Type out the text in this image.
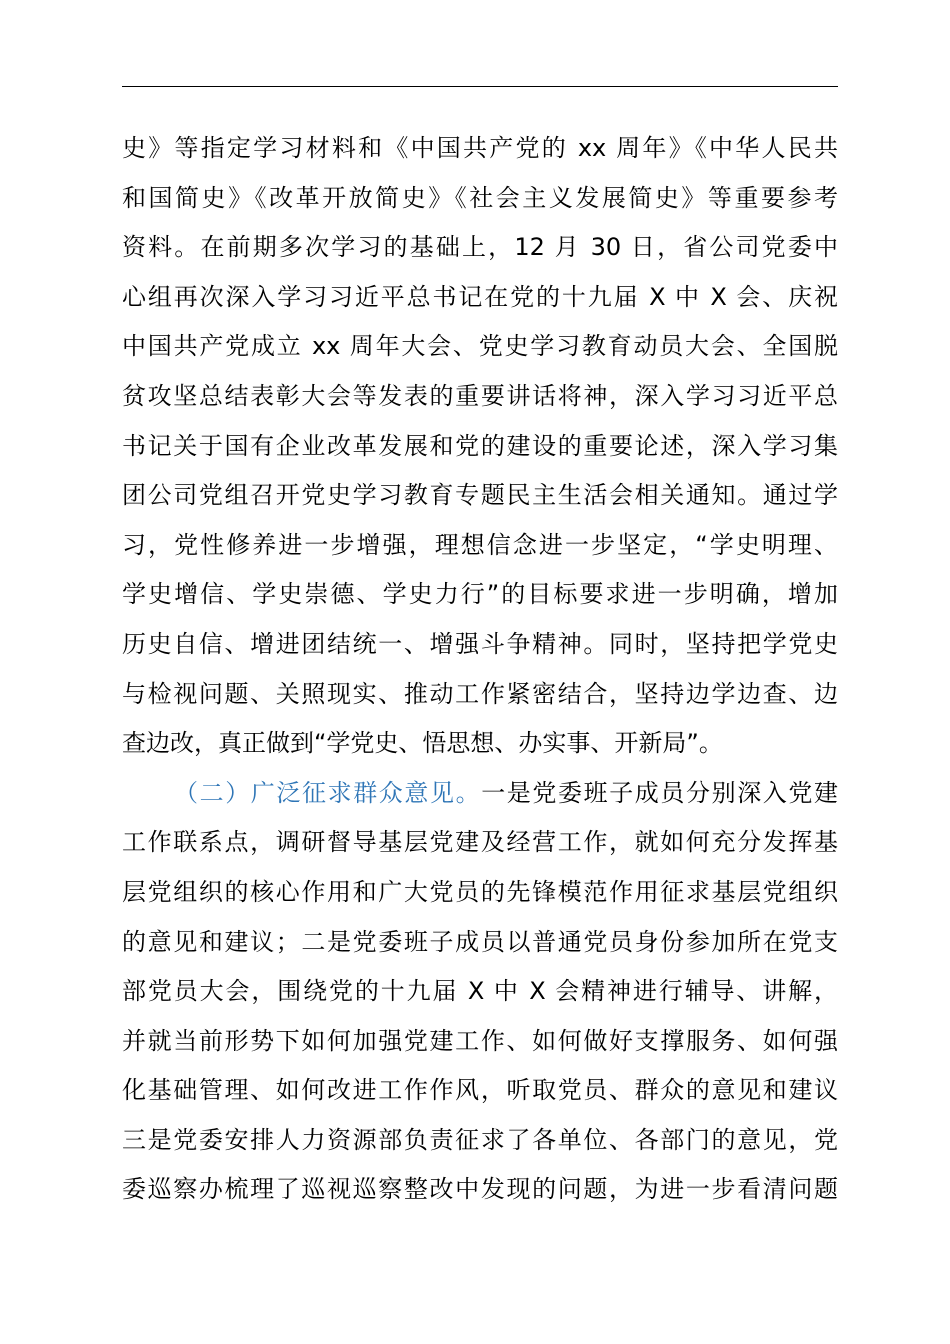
史》等指定学习材料和《中国共产党的 xx 周年》《中华人民共
和国简史》《改革开放简史》《社会主义发展简史》等重要参考
资料。在前期多次学习的基础上，12 月 30 日，省公司党委中
心组再次深入学习习近平总书记在党的十九届 X 中 X 会、庆祝
中国共产党成立 xx 周年大会、党史学习教育动员大会、全国脱
贫攻坚总结表彰大会等发表的重要讲话将神，深入学习习近平总
书记关于国有企业改革发展和党的建设的重要论述，深入学习集
团公司党组召开党史学习教育专题民主生活会相关通知。通过学
习，党性修养进一步增强，理想信念进一步坚定，“学史明理、
学史增信、学史崇德、学史力行”的目标要求进一步明确，增加
历史自信、增进团结统一、增强斗争精神。同时，坚持把学党史
与检视问题、关照现实、推动工作紧密结合，坚持边学边查、边
查边改，真正做到“学党史、悟思想、办实事、开新局”。
（二）广泛征求群众意见。一是党委班子成员分别深入党建
工作联系点，调研督导基层党建及经营工作，就如何充分发挥基
层党组织的核心作用和广大党员的先锋模范作用征求基层党组织
的意见和建议；二是党委班子成员以普通党员身份参加所在党支
部党员大会，围绕党的十九届 X 中 X 会精神进行辅导、讲解，
并就当前形势下如何加强党建工作、如何做好支撑服务、如何强
化基础管理、如何改进工作作风，听取党员、群众的意见和建议
三是党委安排人力资源部负责征求了各单位、各部门的意见，党
委巡察办梳理了巡视巡察整改中发现的问题，为进一步看清问题
